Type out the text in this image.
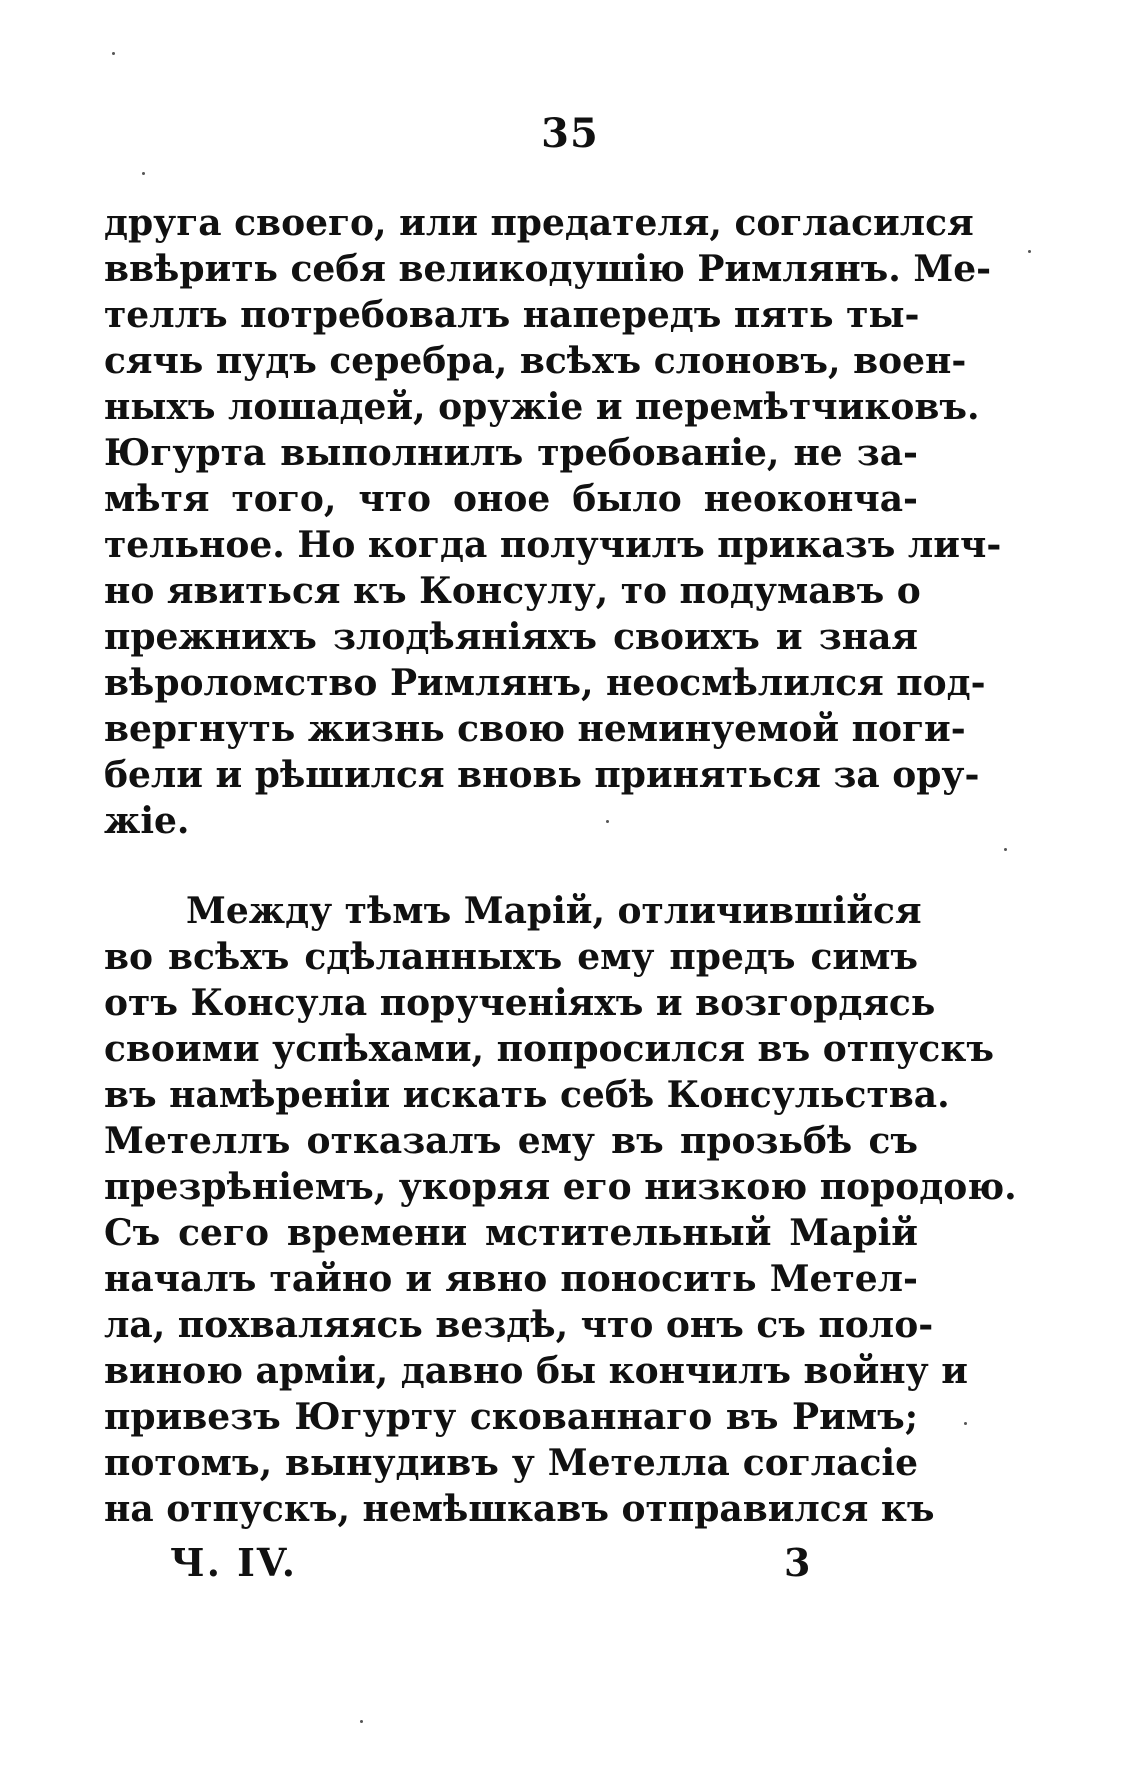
35
друга своего, или предателя, согласился
ввѣрить себя великодушію Римлянъ. Ме-
теллъ потребовалъ напередъ пять ты-
сячь пудъ серебра, всѣхъ слоновъ, воен-
ныхъ лошадей, оружіе и перемѣтчиковъ.
Югурта выполнилъ требованіе, не за-
мѣтя того, что оное было неоконча-
тельное. Но когда получилъ приказъ лич-
но явиться къ Консулу, то подумавъ о
прежнихъ злодѣяніяхъ своихъ и зная
вѣроломство Римлянъ, неосмѣлился под-
вергнуть жизнь свою неминуемой поги-
бели и рѣшился вновь приняться за ору-
жіе.
Между тѣмъ Марій, отличившійся
во всѣхъ сдѣланныхъ ему предъ симъ
отъ Консула порученіяхъ и возгордясь
своими успѣхами, попросился въ отпускъ
въ намѣреніи искать себѣ Консульства.
Метеллъ отказалъ ему въ прозьбѣ съ
презрѣніемъ, укоряя его низкою породою.
Съ сего времени мстительный Марій
началъ тайно и явно поносить Метел-
ла, похваляясь вездѣ, что онъ съ поло-
виною арміи, давно бы кончилъ войну и
привезъ Югурту скованнаго въ Римъ;
потомъ, вынудивъ у Метелла согласіе
на отпускъ, немѣшкавъ отправился къ
Ч. IV.	3
